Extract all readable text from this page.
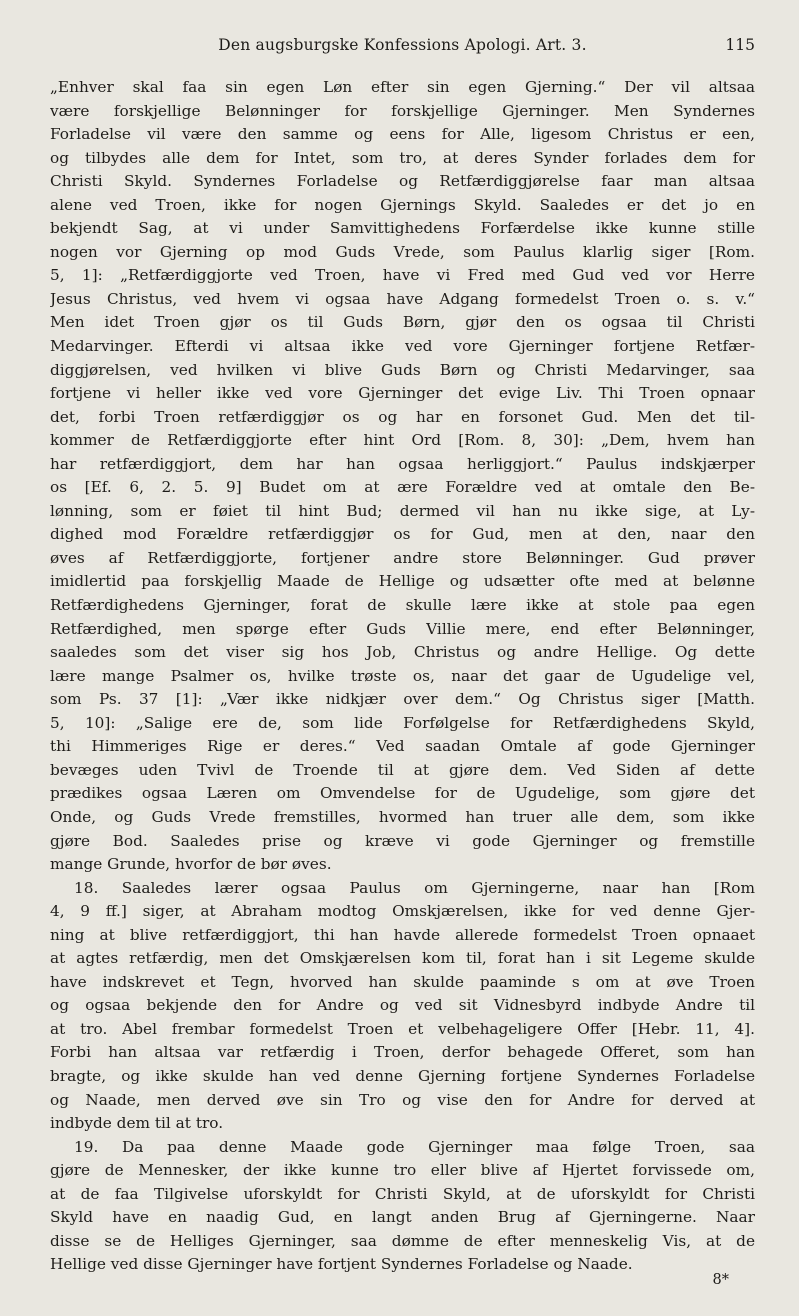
Den augsburgske Konfessions Apologi. Art. 3.	115
„Enhver skal faa sin egen Løn efter sin egen Gjerning.“ Der vil altsaa
være forskjellige Belønninger for forskjellige Gjerninger. Men Syndernes
Forladelse vil være den samme og eens for Alle, ligesom Christus er een,
og tilbydes alle dem for Intet, som tro, at deres Synder forlades dem for
Christi Skyld. Syndernes Forladelse og Retfærdiggjørelse faar man altsaa
alene ved Troen, ikke for nogen Gjernings Skyld. Saaledes er det jo en
bekjendt Sag, at vi under Samvittighedens Forfærdelse ikke kunne stille
nogen vor Gjerning op mod Guds Vrede, som Paulus klarlig siger [Rom.
5, 1]: „Retfærdiggjorte ved Troen, have vi Fred med Gud ved vor Herre
Jesus Christus, ved hvem vi ogsaa have Adgang formedelst Troen o. s. v.“
Men idet Troen gjør os til Guds Børn, gjør den os ogsaa til Christi
Medarvinger. Efterdi vi altsaa ikke ved vore Gjerninger fortjene Retfær-
diggjørelsen, ved hvilken vi blive Guds Børn og Christi Medarvinger, saa
fortjene vi heller ikke ved vore Gjerninger det evige Liv. Thi Troen opnaar
det, forbi Troen retfærdiggjør os og har en forsonet Gud. Men det til-
kommer de Retfærdiggjorte efter hint Ord [Rom. 8, 30]: „Dem, hvem han
har retfærdiggjort, dem har han ogsaa herliggjort.“ Paulus indskjærper
os [Ef. 6, 2. 5. 9] Budet om at ære Forældre ved at omtale den Be-
lønning, som er føiet til hint Bud; dermed vil han nu ikke sige, at Ly-
dighed mod Forældre retfærdiggjør os for Gud, men at den, naar den
øves af Retfærdiggjorte, fortjener andre store Belønninger. Gud prøver
imidlertid paa forskjellig Maade de Hellige og udsætter ofte med at belønne
Retfærdighedens Gjerninger, forat de skulle lære ikke at stole paa egen
Retfærdighed, men spørge efter Guds Villie mere, end efter Belønninger,
saaledes som det viser sig hos Job, Christus og andre Hellige. Og dette
lære mange Psalmer os, hvilke trøste os, naar det gaar de Ugudelige vel,
som Ps. 37 [1]: „Vær ikke nidkjær over dem.“ Og Christus siger [Matth.
5, 10]: „Salige ere de, som lide Forfølgelse for Retfærdighedens Skyld,
thi Himmeriges Rige er deres.“ Ved saadan Omtale af gode Gjerninger
bevæges uden Tvivl de Troende til at gjøre dem. Ved Siden af dette
prædikes ogsaa Læren om Omvendelse for de Ugudelige, som gjøre det
Onde, og Guds Vrede fremstilles, hvormed han truer alle dem, som ikke
gjøre Bod. Saaledes prise og kræve vi gode Gjerninger og fremstille
mange Grunde, hvorfor de bør øves.
18. Saaledes lærer ogsaa Paulus om Gjerningerne, naar han [Rom
4, 9 ff.] siger, at Abraham modtog Omskjærelsen, ikke for ved denne Gjer-
ning at blive retfærdiggjort, thi han havde allerede formedelst Troen opnaaet
at agtes retfærdig, men det Omskjærelsen kom til, forat han i sit Legeme skulde
have indskrevet et Tegn, hvorved han skulde paaminde s om at øve Troen
og ogsaa bekjende den for Andre og ved sit Vidnesbyrd indbyde Andre til
at tro. Abel frembar formedelst Troen et velbehageligere Offer [Hebr. 11, 4].
Forbi han altsaa var retfærdig i Troen, derfor behagede Offeret, som han
bragte, og ikke skulde han ved denne Gjerning fortjene Syndernes Forladelse
og Naade, men derved øve sin Tro og vise den for Andre for derved at
indbyde dem til at tro.
19. Da paa denne Maade gode Gjerninger maa følge Troen, saa
gjøre de Mennesker, der ikke kunne tro eller blive af Hjertet forvissede om,
at de faa Tilgivelse uforskyldt for Christi Skyld, at de uforskyldt for Christi
Skyld have en naadig Gud, en langt anden Brug af Gjerningerne. Naar
disse se de Helliges Gjerninger, saa dømme de efter menneskelig Vis, at de
Hellige ved disse Gjerninger have fortjent Syndernes Forladelse og Naade.
8*
